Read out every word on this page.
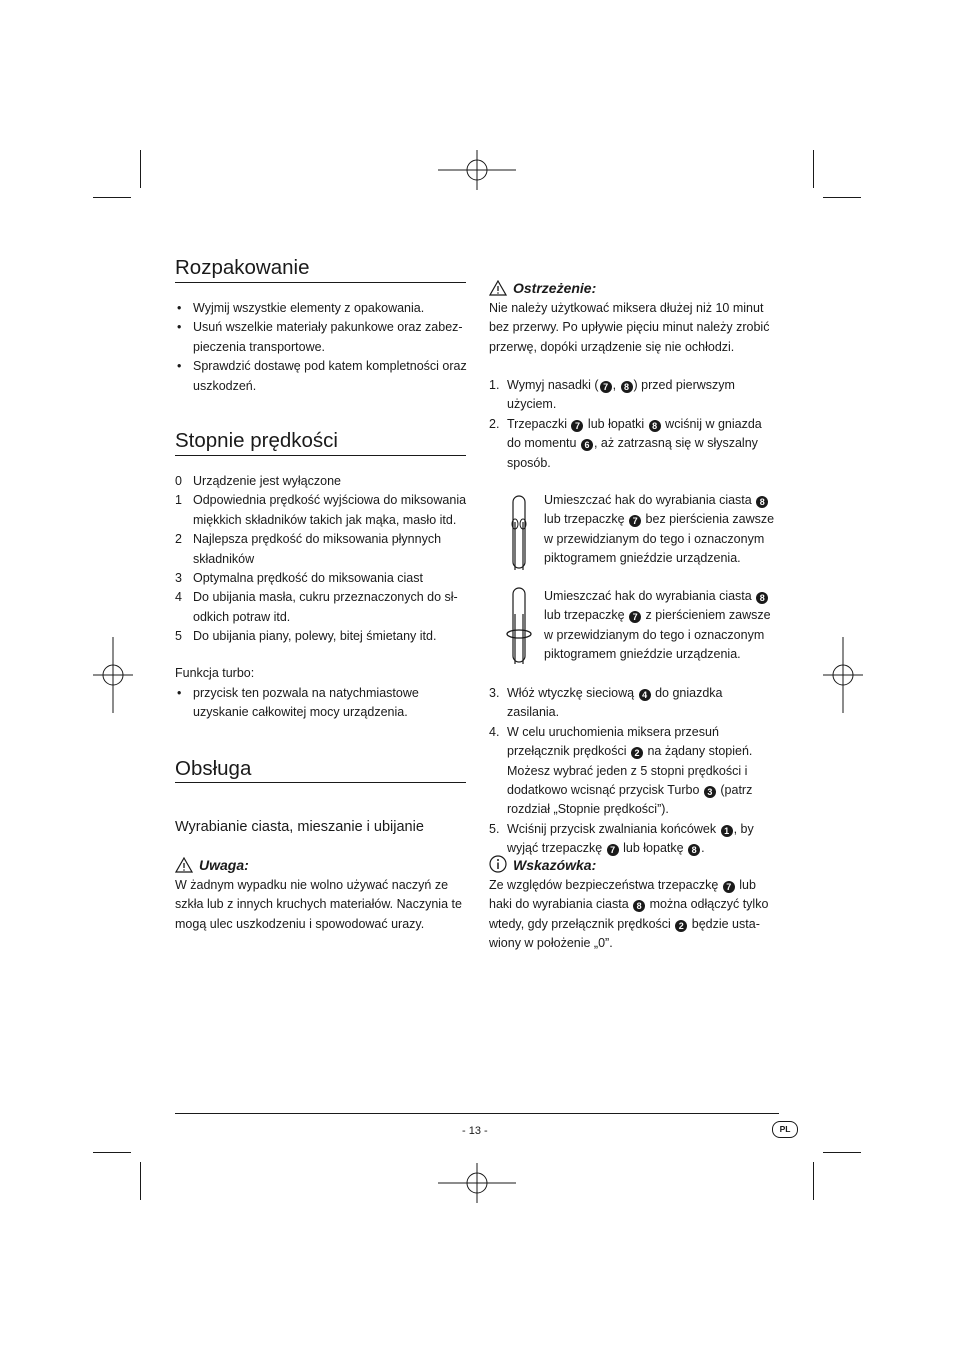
Rozpakowanie
• Wyjmij wszystkie elementy z opakowania.
• Usuń wszelkie materiały pakunkowe oraz zabez-pieczenia transportowe.
• Sprawdzić dostawę pod katem kompletności oraz uszkodzeń.
Stopnie prędkości
0 Urządzenie jest wyłączone
1 Odpowiednia prędkość wyjściowa do miksowania miękkich składników takich jak mąka, masło itd.
2 Najlepsza prędkość do miksowania płynnych składników
3 Optymalna prędkość do miksowania ciast
4 Do ubijania masła, cukru przeznaczonych do sł-odkich potraw itd.
5 Do ubijania piany, polewy, bitej śmietany itd.

Funkcja turbo:

• przycisk ten pozwala na natychmiastowe uzyskanie całkowitej mocy urządzenia.
Obsługa

Wyrabianie ciasta, mieszanie i ubijanie

Uwaga:

W żadnym wypadku nie wolno używać naczyń ze szkła lub z innych kruchych materiałów. Naczynia te mogą ulec uszkodzeniu i spowodować urazy.

Ostrzeżenie:

Nie należy użytkować miksera dłużej niż 10 minut bez przerwy. Po upływie pięciu minut należy zrobić przerwę, dopóki urządzenie się nie ochłodzi.

1. Wymyj nasadki ( 7 , 8 ) przed pierwszym użyciem.
2. Trzepaczki 7 lub łopatki 8 wciśnij w gniazda do momentu 6 , aż zatrzasną się w słyszalny sposób.

Umieszczać hak do wyrabiania ciasta 8 lub trzepaczkę 7 bez pierścienia zawsze w przewidzianym do tego i oznaczonym piktogramem gnieździe urządzenia.

Umieszczać hak do wyrabiania ciasta 8 lub trzepaczkę 7 z pierścieniem zawsze w przewidzianym do tego i oznaczonym piktogramem gnieździe urządzenia.

3. Włóż wtyczkę sieciową 4 do gniazdka zasilania.
4. W celu uruchomienia miksera przesuń przełącznik prędkości 2 na żądany stopień. Możesz wybrać jeden z 5 stopni prędkości i dodatkowo wcisnąć przycisk Turbo 3 (patrz rozdział „Stopnie prędkości”).
5. Wciśnij przycisk zwalniania końcówek 1 , by wyjąć trzepaczkę 7 lub łopatkę 8 .
Wskazówka:

Ze względów bezpieczeństwa trzepaczkę 7 lub haki do wyrabiania ciasta 8 można odłączyć tylko wtedy, gdy przełącznik prędkości 2 będzie usta-wiony w położenie „0”.

- 13 -	PL
